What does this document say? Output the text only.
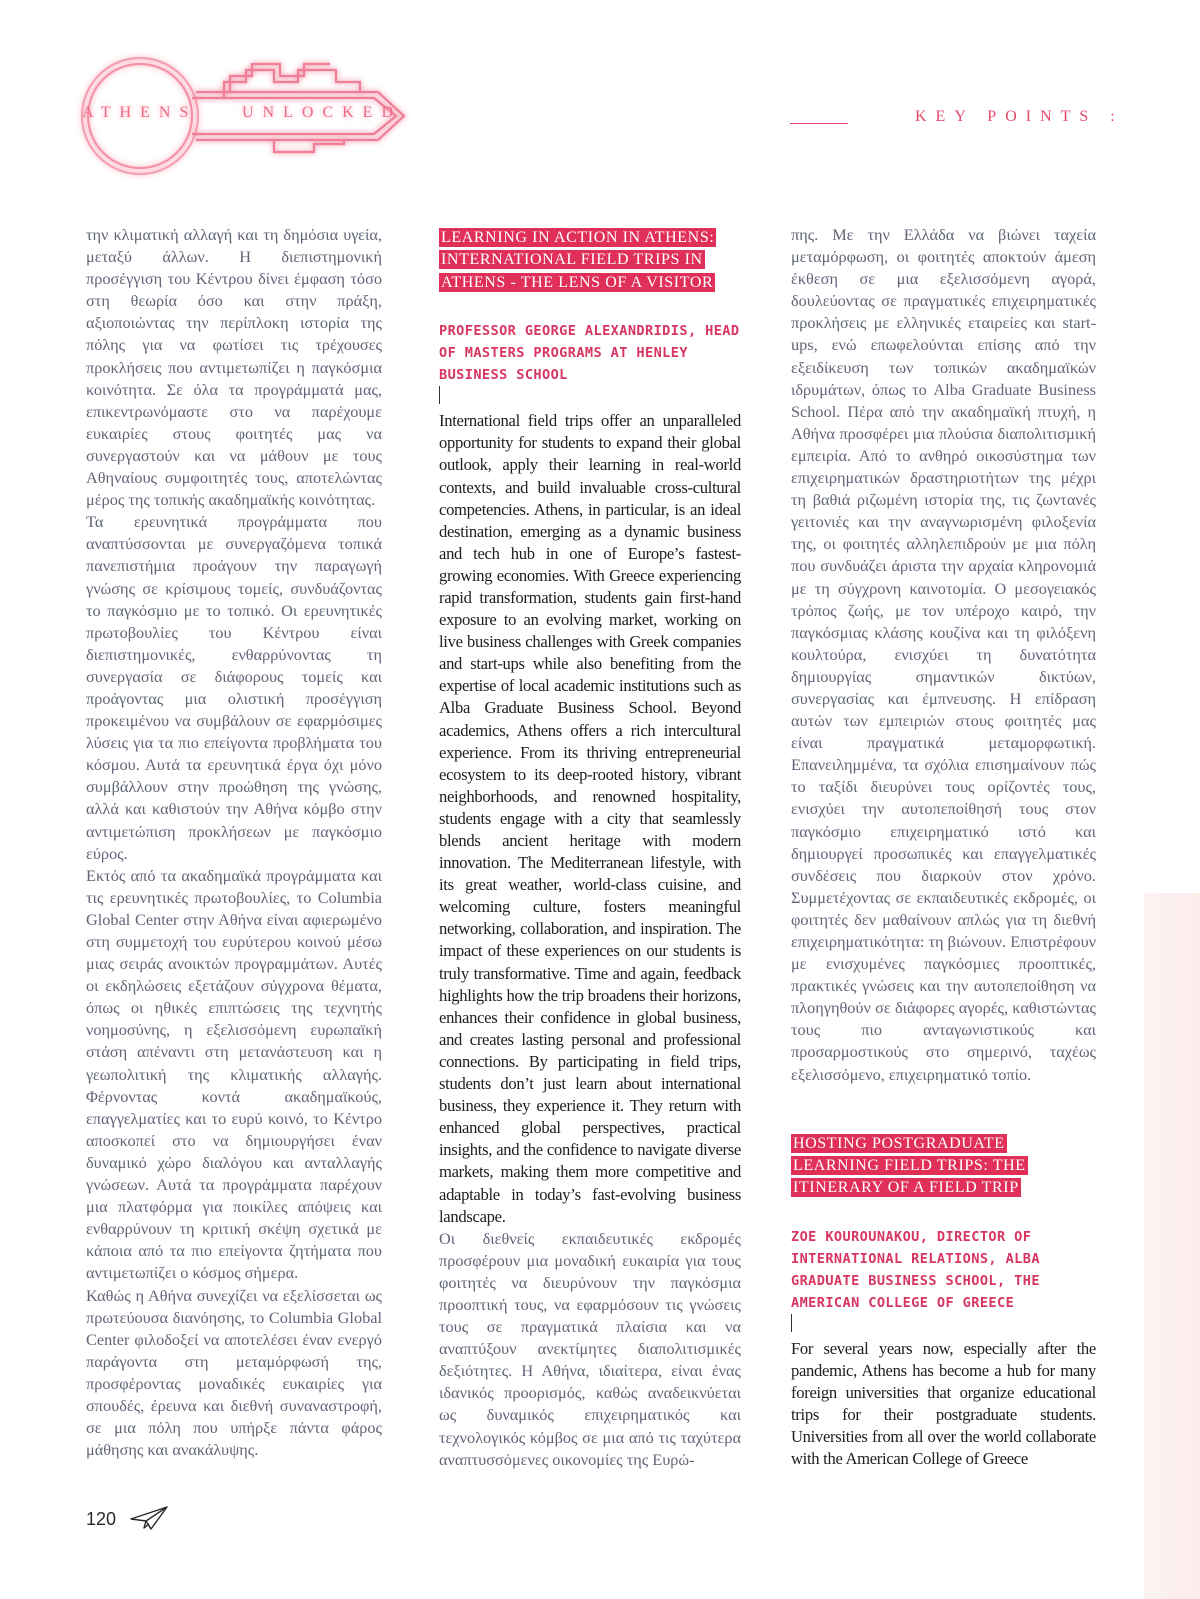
ATHENS	UNLOCKED	KEY POINTS :

την κλιματική αλλαγή και τη δημόσια υγεία, μεταξύ άλλων. Η διεπιστημονική προσέγγιση του Κέντρου δίνει έμφαση τόσο στη θεωρία όσο και στην πράξη, αξιοποιώντας την περίπλοκη ιστορία της πόλης για να φωτίσει τις τρέχουσες προκλήσεις που αντιμετωπίζει η παγκόσμια κοινότητα. Σε όλα τα προγράμματά μας, επικεντρωνόμαστε στο να παρέχουμε ευκαιρίες στους φοιτητές μας να συνεργαστούν και να μάθουν με τους Αθηναίους συμφοιτητές τους, αποτελώντας μέρος της τοπικής ακαδημαϊκής κοινότητας.

Τα ερευνητικά προγράμματα που αναπτύσσονται με συνεργαζόμενα τοπικά πανεπιστήμια προάγουν την παραγωγή γνώσης σε κρίσιμους τομείς, συνδυάζοντας το παγκόσμιο με το τοπικό. Οι ερευνητικές πρωτοβουλίες του Κέντρου είναι διεπιστημονικές, ενθαρρύνοντας τη συνεργασία σε διάφορους τομείς και προάγοντας μια ολιστική προσέγγιση προκειμένου να συμβάλουν σε εφαρμόσιμες λύσεις για τα πιο επείγοντα προβλήματα του κόσμου. Αυτά τα ερευνητικά έργα όχι μόνο συμβάλλουν στην προώθηση της γνώσης, αλλά και καθιστούν την Αθήνα κόμβο στην αντιμετώπιση προκλήσεων με παγκόσμιο εύρος.

Εκτός από τα ακαδημαϊκά προγράμματα και τις ερευνητικές πρωτοβουλίες, το Columbia Global Center στην Αθήνα είναι αφιερωμένο στη συμμετοχή του ευρύτερου κοινού μέσω μιας σειράς ανοικτών προγραμμάτων. Αυτές οι εκδηλώσεις εξετάζουν σύγχρονα θέματα, όπως οι ηθικές επιπτώσεις της τεχνητής νοημοσύνης, η εξελισσόμενη ευρωπαϊκή στάση απέναντι στη μετανάστευση και η γεωπολιτική της κλιματικής αλλαγής. Φέρνοντας κοντά ακαδημαϊκούς, επαγγελματίες και το ευρύ κοινό, το Κέντρο αποσκοπεί στο να δημιουργήσει έναν δυναμικό χώρο διαλόγου και ανταλλαγής γνώσεων. Αυτά τα προγράμματα παρέχουν μια πλατφόρμα για ποικίλες απόψεις και ενθαρρύνουν τη κριτική σκέψη σχετικά με κάποια από τα πιο επείγοντα ζητήματα που αντιμετωπίζει ο κόσμος σήμερα.

Καθώς η Αθήνα συνεχίζει να εξελίσσεται ως πρωτεύουσα διανόησης, το Columbia Global Center φιλοδοξεί να αποτελέσει έναν ενεργό παράγοντα στη μεταμόρφωσή της, προσφέροντας μοναδικές ευκαιρίες για σπουδές, έρευνα και διεθνή συναναστροφή, σε μια πόλη που υπήρξε πάντα φάρος μάθησης και ανακάλυψης.

LEARNING IN ACTION IN ATHENS: INTERNATIONAL FIELD TRIPS IN ATHENS - THE LENS OF A VISITOR

PROFESSOR GEORGE ALEXANDRIDIS, HEAD OF MASTERS PROGRAMS AT HENLEY BUSINESS SCHOOL

International field trips offer an unparalleled opportunity for students to expand their global outlook, apply their learning in real-world contexts, and build invaluable cross-cultural competencies. Athens, in particular, is an ideal destination, emerging as a dynamic business and tech hub in one of Europe’s fastest-growing economies. With Greece experiencing rapid transformation, students gain first-hand exposure to an evolving market, working on live business challenges with Greek companies and start-ups while also benefiting from the expertise of local academic institutions such as Alba Graduate Business School. Beyond academics, Athens offers a rich intercultural experience. From its thriving entrepreneurial ecosystem to its deep-rooted history, vibrant neighborhoods, and renowned hospitality, students engage with a city that seamlessly blends ancient heritage with modern innovation. The Mediterranean lifestyle, with its great weather, world-class cuisine, and welcoming culture, fosters meaningful networking, collaboration, and inspiration. The impact of these experiences on our students is truly transformative. Time and again, feedback highlights how the trip broadens their horizons, enhances their confidence in global business, and creates lasting personal and professional connections. By participating in field trips, students don’t just learn about international business, they experience it. They return with enhanced global perspectives, practical insights, and the confidence to navigate diverse markets, making them more competitive and adaptable in today’s fast-evolving business landscape.

Οι διεθνείς εκπαιδευτικές εκδρομές προσφέρουν μια μοναδική ευκαιρία για τους φοιτητές να διευρύνουν την παγκόσμια προοπτική τους, να εφαρμόσουν τις γνώσεις τους σε πραγματικά πλαίσια και να αναπτύξουν ανεκτίμητες διαπολιτισμικές δεξιότητες. Η Αθήνα, ιδιαίτερα, είναι ένας ιδανικός προορισμός, καθώς αναδεικνύεται ως δυναμικός επιχειρηματικός και τεχνολογικός κόμβος σε μια από τις ταχύτερα αναπτυσσόμενες οικονομίες της Ευρώ-

πης. Με την Ελλάδα να βιώνει ταχεία μεταμόρφωση, οι φοιτητές αποκτούν άμεση έκθεση σε μια εξελισσόμενη αγορά, δουλεύοντας σε πραγματικές επιχειρηματικές προκλήσεις με ελληνικές εταιρείες και start-ups, ενώ επωφελούνται επίσης από την εξειδίκευση των τοπικών ακαδημαϊκών ιδρυμάτων, όπως το Alba Graduate Business School. Πέρα από την ακαδημαϊκή πτυχή, η Αθήνα προσφέρει μια πλούσια διαπολιτισμική εμπειρία. Από το ανθηρό οικοσύστημα των επιχειρηματικών δραστηριοτήτων της μέχρι τη βαθιά ριζωμένη ιστορία της, τις ζωντανές γειτονιές και την αναγνωρισμένη φιλοξενία της, οι φοιτητές αλληλεπιδρούν με μια πόλη που συνδυάζει άριστα την αρχαία κληρονομιά με τη σύγχρονη καινοτομία. Ο μεσογειακός τρόπος ζωής, με τον υπέροχο καιρό, την παγκόσμιας κλάσης κουζίνα και τη φιλόξενη κουλτούρα, ενισχύει τη δυνατότητα δημιουργίας σημαντικών δικτύων, συνεργασίας και έμπνευσης. Η επίδραση αυτών των εμπειριών στους φοιτητές μας είναι πραγματικά μεταμορφωτική. Επανειλημμένα, τα σχόλια επισημαίνουν πώς το ταξίδι διευρύνει τους ορίζοντές τους, ενισχύει την αυτοπεποίθησή τους στον παγκόσμιο επιχειρηματικό ιστό και δημιουργεί προσωπικές και επαγγελματικές συνδέσεις που διαρκούν στον χρόνο. Συμμετέχοντας σε εκπαιδευτικές εκδρομές, οι φοιτητές δεν μαθαίνουν απλώς για τη διεθνή επιχειρηματικότητα: τη βιώνουν. Επιστρέφουν με ενισχυμένες παγκόσμιες προοπτικές, πρακτικές γνώσεις και την αυτοπεποίθηση να πλοηγηθούν σε διάφορες αγορές, καθιστώντας τους πιο ανταγωνιστικούς και προσαρμοστικούς στο σημερινό, ταχέως εξελισσόμενο, επιχειρηματικό τοπίο.

HOSTING POSTGRADUATE LEARNING FIELD TRIPS: THE ITINERARY OF A FIELD TRIP

ZOE KOUROUNAKOU, DIRECTOR OF INTERNATIONAL RELATIONS, ALBA GRADUATE BUSINESS SCHOOL, THE AMERICAN COLLEGE OF GREECE

For several years now, especially after the pandemic, Athens has become a hub for many foreign universities that organize educational trips for their postgraduate students. Universities from all over the world collaborate with the American College of Greece

120
